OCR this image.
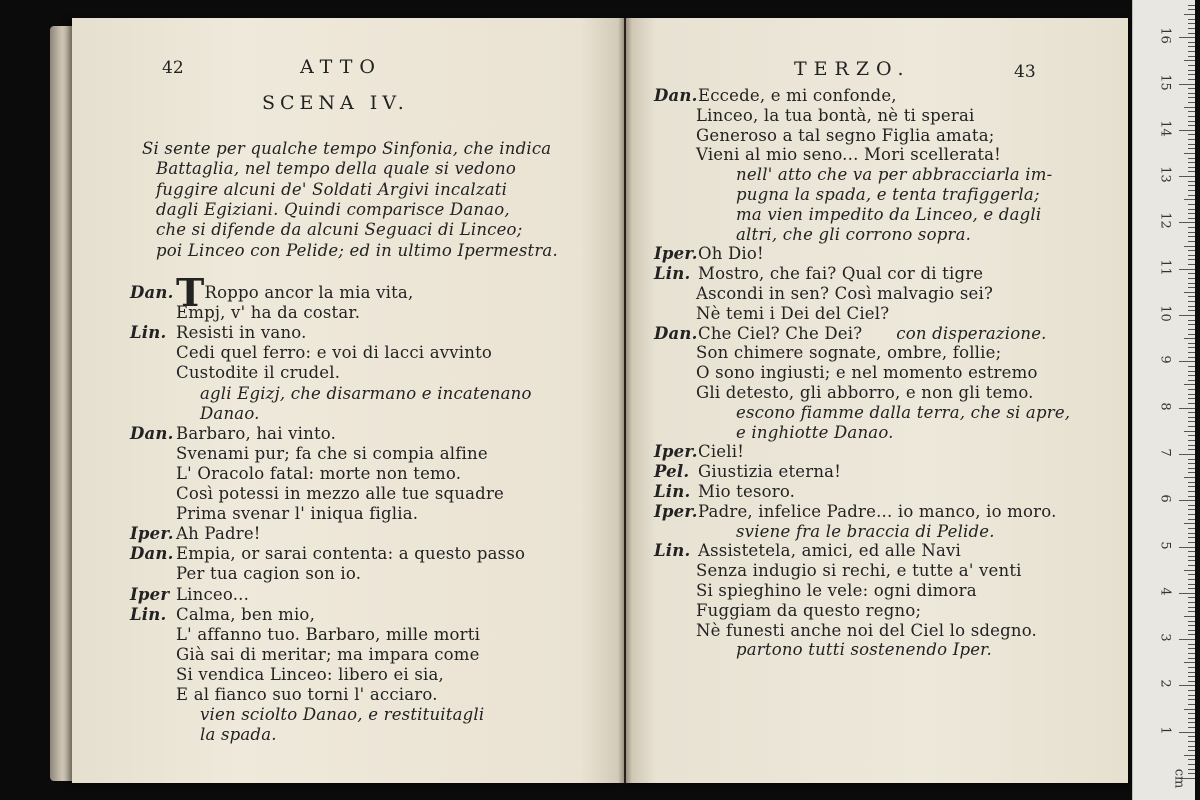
42	ATTO
SCENA IV.
Si sente per qualche tempo Sinfonia, che indica
Battaglia, nel tempo della quale si vedono
fuggire alcuni de' Soldati Argivi incalzati
dagli Egiziani. Quindi comparisce Danao,
che si difende da alcuni Seguaci di Linceo;
poi Linceo con Pelide; ed in ultimo Ipermestra.
Dan.TRoppo ancor la mia vita,
Empj, v' ha da costar.
Lin. Resisti in vano.
Cedi quel ferro: e voi di lacci avvinto
Custodite il crudel.
agli Egizj, che disarmano e incatenano
Danao.
Dan. Barbaro, hai vinto.
Svenami pur; fa che si compia alfine
L' Oracolo fatal: morte non temo.
Così potessi in mezzo alle tue squadre
Prima svenar l' iniqua figlia.
Iper. Ah Padre!
Dan. Empia, or sarai contenta: a questo passo
Per tua cagion son io.
Iper Linceo...
Lin. Calma, ben mio,
L' affanno tuo. Barbaro, mille morti
Già sai di meritar; ma impara come
Si vendica Linceo: libero ei sia,
E al fianco suo torni l' acciaro.
vien sciolto Danao, e restituitagli
la spada.
TERZO.	43
Dan.Eccede, e mi confonde,
Linceo, la tua bontà, nè ti sperai
Generoso a tal segno Figlia amata;
Vieni al mio seno... Mori scellerata!
nell' atto che va per abbracciarla im-
pugna la spada, e tenta trafiggerla;
ma vien impedito da Linceo, e dagli
altri, che gli corrono sopra.
Iper.Oh Dio!
Lin. Mostro, che fai? Qual cor di tigre
Ascondi in sen? Così malvagio sei?
Nè temi i Dei del Ciel?
Dan.Che Ciel? Che Dei? con disperazione.
Son chimere sognate, ombre, follie;
O sono ingiusti; e nel momento estremo
Gli detesto, gli abborro, e non gli temo.
escono fiamme dalla terra, che si apre,
e inghiotte Danao.
Iper.Cieli!
Pel. Giustizia eterna!
Lin. Mio tesoro.
Iper.Padre, infelice Padre... io manco, io moro.
sviene fra le braccia di Pelide.
Lin. Assistetela, amici, ed alle Navi
Senza indugio si rechi, e tutte a' venti
Si spieghino le vele: ogni dimora
Fuggiam da questo regno;
Nè funesti anche noi del Ciel lo sdegno.
partono tutti sostenendo Iper.
1
2
3
4
5
6
7
8
9
10
11
12
13
14
15
16
cm
